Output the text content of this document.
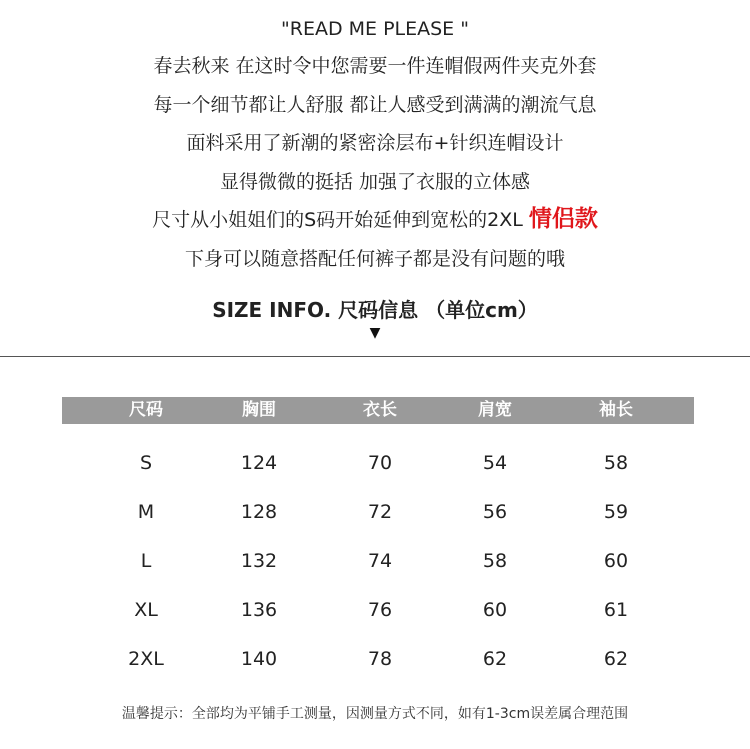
"READ ME PLEASE "
春去秋来 在这时令中您需要一件连帽假两件夹克外套
每一个细节都让人舒服 都让人感受到满满的潮流气息
面料采用了新潮的紧密涂层布+针织连帽设计
显得微微的挺括 加强了衣服的立体感
尺寸从小姐姐们的S码开始延伸到宽松的2XL 情侣款
下身可以随意搭配任何裤子都是没有问题的哦
SIZE INFO. 尺码信息 （单位cm）
▼
尺码	胸围	衣长	肩宽	袖长
S	124	70	54	58
M	128	72	56	59
L	132	74	58	60
XL	136	76	60	61
2XL	140	78	62	62
温馨提示：全部均为平铺手工测量，因测量方式不同，如有1-3cm误差属合理范围
